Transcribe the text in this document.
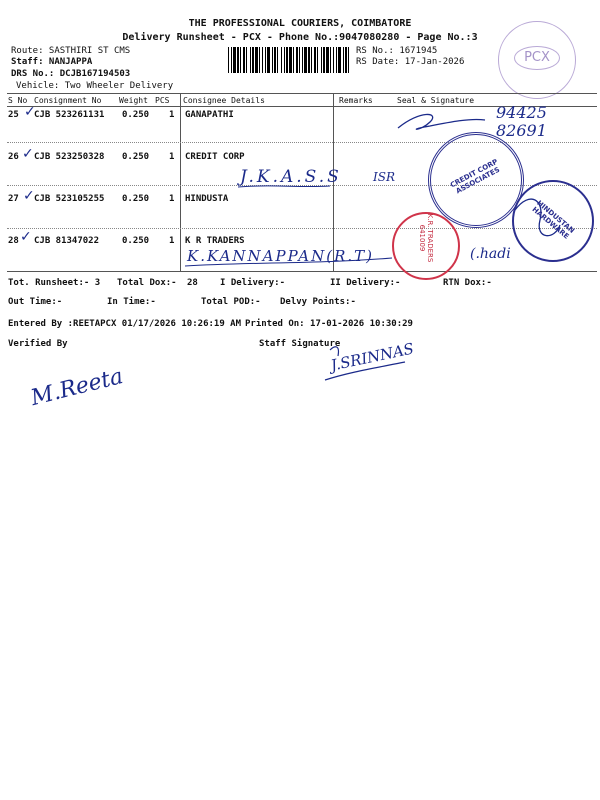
THE PROFESSIONAL COURIERS, COIMBATORE
Delivery Runsheet - PCX - Phone No.:9047080280 - Page No.:3
Route: SASTHIRI ST CMS
Staff: NANJAPPA
DRS No.: DCJB167194503
Vehicle: Two Wheeler Delivery
RS No.: 1671945
RS Date: 17-Jan-2026	PCX
S No Consignment No Weight PCS Consignee Details	Remarks	Seal & Signature
25 CJB 523261131 0.250 1 GANAPATHI
26 CJB 523250328 0.250 1 CREDIT CORP
27 CJB 523105255 0.250 1 HINDUSTA
28 CJB 81347022	0.250 1 K R TRADERS
✓
✓
✓
✓
94425
82691
J.K.A.S.S	ISR
K.KANNAPPAN(R.T)	(.hadi
CREDIT CORP ASSOCIATES
HINDUSTAN HARDWARE
K.R. TRADERS 641009
Tot. Runsheet:- 3 Total Dox:- 28 I Delivery:-	II Delivery:-	RTN Dox:-
Out Time:-	In Time:-	Total POD:- Delvy Points:-
Entered By :REETAPCX 01/17/2026 10:26:19 AM Printed On: 17-01-2026 10:30:29
Verified By	Staff Signature
J.SRINNAS
M.Reeta
